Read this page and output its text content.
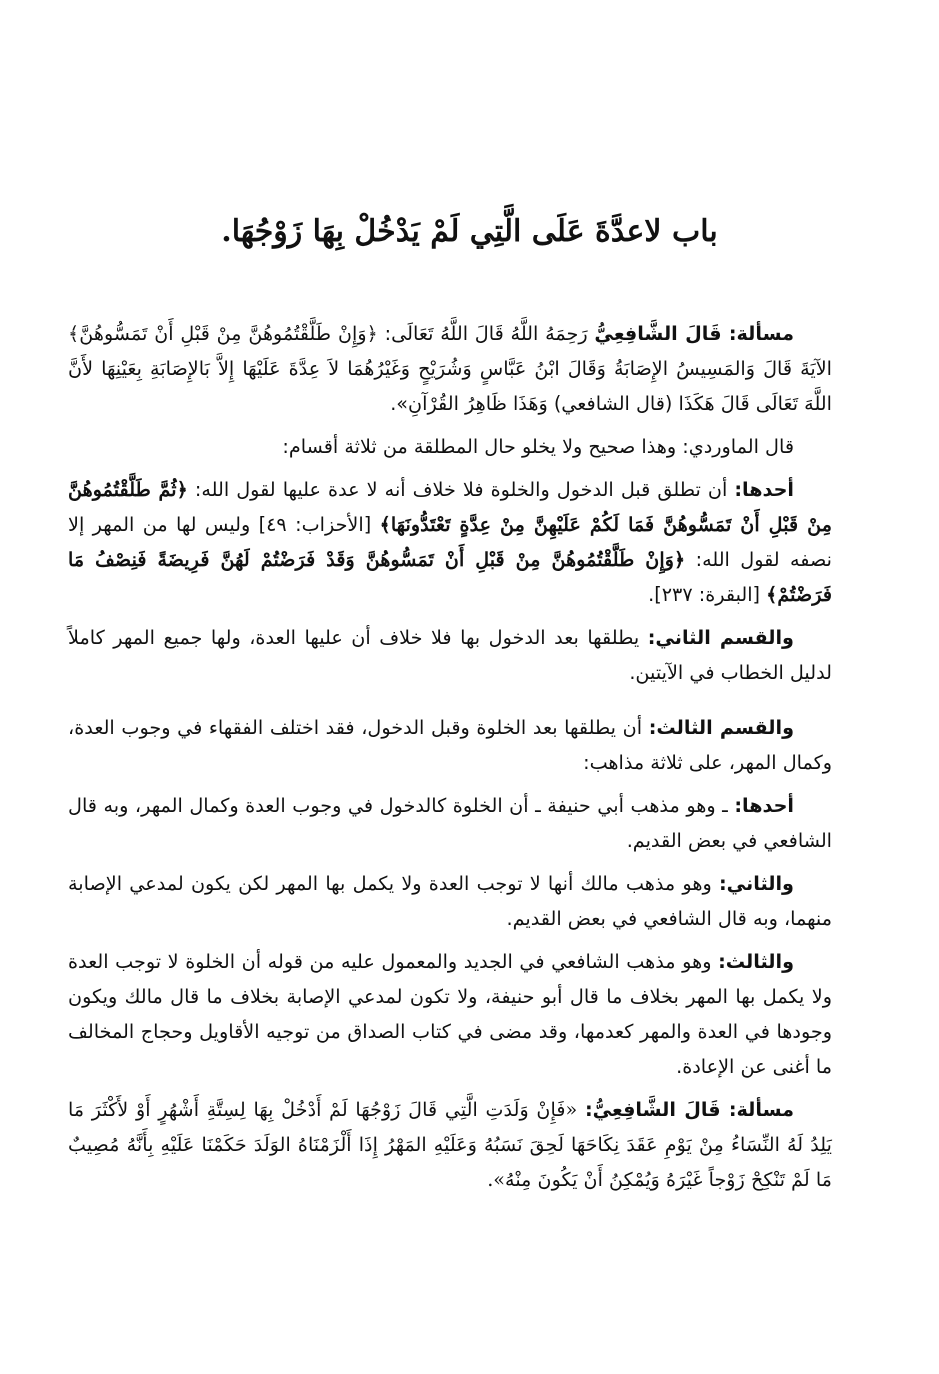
باب لاعدَّةَ عَلَى الَّتِي لَمْ يَدْخُلْ بِهَا زَوْجُهَا.

مسألة: قَالَ الشَّافِعِيُّ رَحِمَهُ اللَّهُ قَالَ اللَّهُ تَعَالَى: ﴿وَإِنْ طَلَّقْتُمُوهُنَّ مِنْ قَبْلِ أَنْ تَمَسُّوهُنَّ﴾ الآيَةَ قَالَ وَالمَسِيسُ الإِصَابَةُ وَقَالَ ابْنُ عَبَّاسٍ وَشُرَيْحٍ وَغَيْرُهُمَا لاَ عِدَّةَ عَلَيْهَا إِلاَّ بَالإِصَابَةِ بِعَيْنِهَا لأَنَّ اللَّهَ تَعَالَى قَالَ هَكَذَا (قال الشافعي) وَهَذَا ظَاهِرُ القُرْآنِ».

قال الماوردي: وهذا صحيح ولا يخلو حال المطلقة من ثلاثة أقسام:

أحدها: أن تطلق قبل الدخول والخلوة فلا خلاف أنه لا عدة عليها لقول الله: ﴿ثُمَّ طَلَّقْتُمُوهُنَّ مِنْ قَبْلِ أَنْ تَمَسُّوهُنَّ فَمَا لَكُمْ عَلَيْهِنَّ مِنْ عِدَّةٍ تَعْتَدُّونَهَا﴾ [الأحزاب: ٤٩] وليس لها من المهر إلا نصفه لقول الله: ﴿وَإِنْ طَلَّقْتُمُوهُنَّ مِنْ قَبْلِ أَنْ تَمَسُّوهُنَّ وَقَدْ فَرَضْتُمْ لَهُنَّ فَرِيضَةً فَنِصْفُ مَا فَرَضْتُمْ﴾ [البقرة: ٢٣٧].

والقسم الثاني: يطلقها بعد الدخول بها فلا خلاف أن عليها العدة، ولها جميع المهر كاملاً لدليل الخطاب في الآيتين.

والقسم الثالث: أن يطلقها بعد الخلوة وقبل الدخول، فقد اختلف الفقهاء في وجوب العدة، وكمال المهر، على ثلاثة مذاهب:

أحدها: ـ وهو مذهب أبي حنيفة ـ أن الخلوة كالدخول في وجوب العدة وكمال المهر، وبه قال الشافعي في بعض القديم.

والثاني: وهو مذهب مالك أنها لا توجب العدة ولا يكمل بها المهر لكن يكون لمدعي الإصابة منهما، وبه قال الشافعي في بعض القديم.

والثالث: وهو مذهب الشافعي في الجديد والمعمول عليه من قوله أن الخلوة لا توجب العدة ولا يكمل بها المهر بخلاف ما قال أبو حنيفة، ولا تكون لمدعي الإصابة بخلاف ما قال مالك ويكون وجودها في العدة والمهر كعدمها، وقد مضى في كتاب الصداق من توجيه الأقاويل وحجاج المخالف ما أغنى عن الإعادة.

مسألة: قَالَ الشَّافِعِيُّ: «فَإِنْ وَلَدَتِ الَّتِي قَالَ زَوْجُهَا لَمْ أَدْخُلْ بِهَا لِسِتَّةِ أَشْهُرٍ أَوْ لأَكْثَرَ مَا يَلِدُ لَهُ النِّسَاءُ مِنْ يَوْمِ عَقَدَ نِكَاحَهَا لَحِقَ نَسَبُهُ وَعَلَيْهِ المَهْرُ إِذَا أَلْزَمْنَاهُ الوَلَدَ حَكَمْنَا عَلَيْهِ بِأَنَّهُ مُصِيبٌ مَا لَمْ تَنْكِحْ زَوْجاً غَيْرَهُ وَيُمْكِنُ أَنْ يَكُونَ مِنْهُ».
